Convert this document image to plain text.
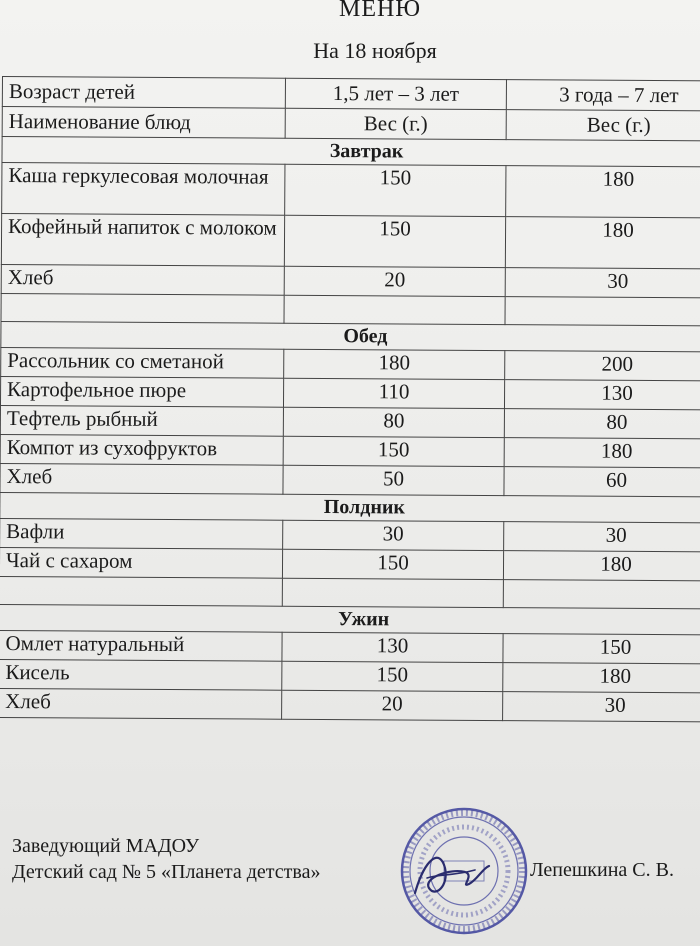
МЕНЮ
На 18 ноября
Возраст детей	1,5 лет – 3 лет	3 года – 7 лет
Наименование блюд	Вес (г.)	Вес (г.)
Завтрак		
Каша геркулесовая молочная	150	180
Кофейный напиток с молоком	150	180
Хлеб	20	30

Обед		
Рассольник со сметаной	180	200
Картофельное пюре	110	130
Тефтель рыбный	80	80
Компот из сухофруктов	150	180
Хлеб	50	60
Полдник		
Вафли	30	30
Чай с сахаром	150	180

Ужин		
Омлет натуральный	130	150
Кисель	150	180
Хлеб	20	30
Заведующий МАДОУ
Детский сад № 5 «Планета детства»	Лепешкина С. В.
